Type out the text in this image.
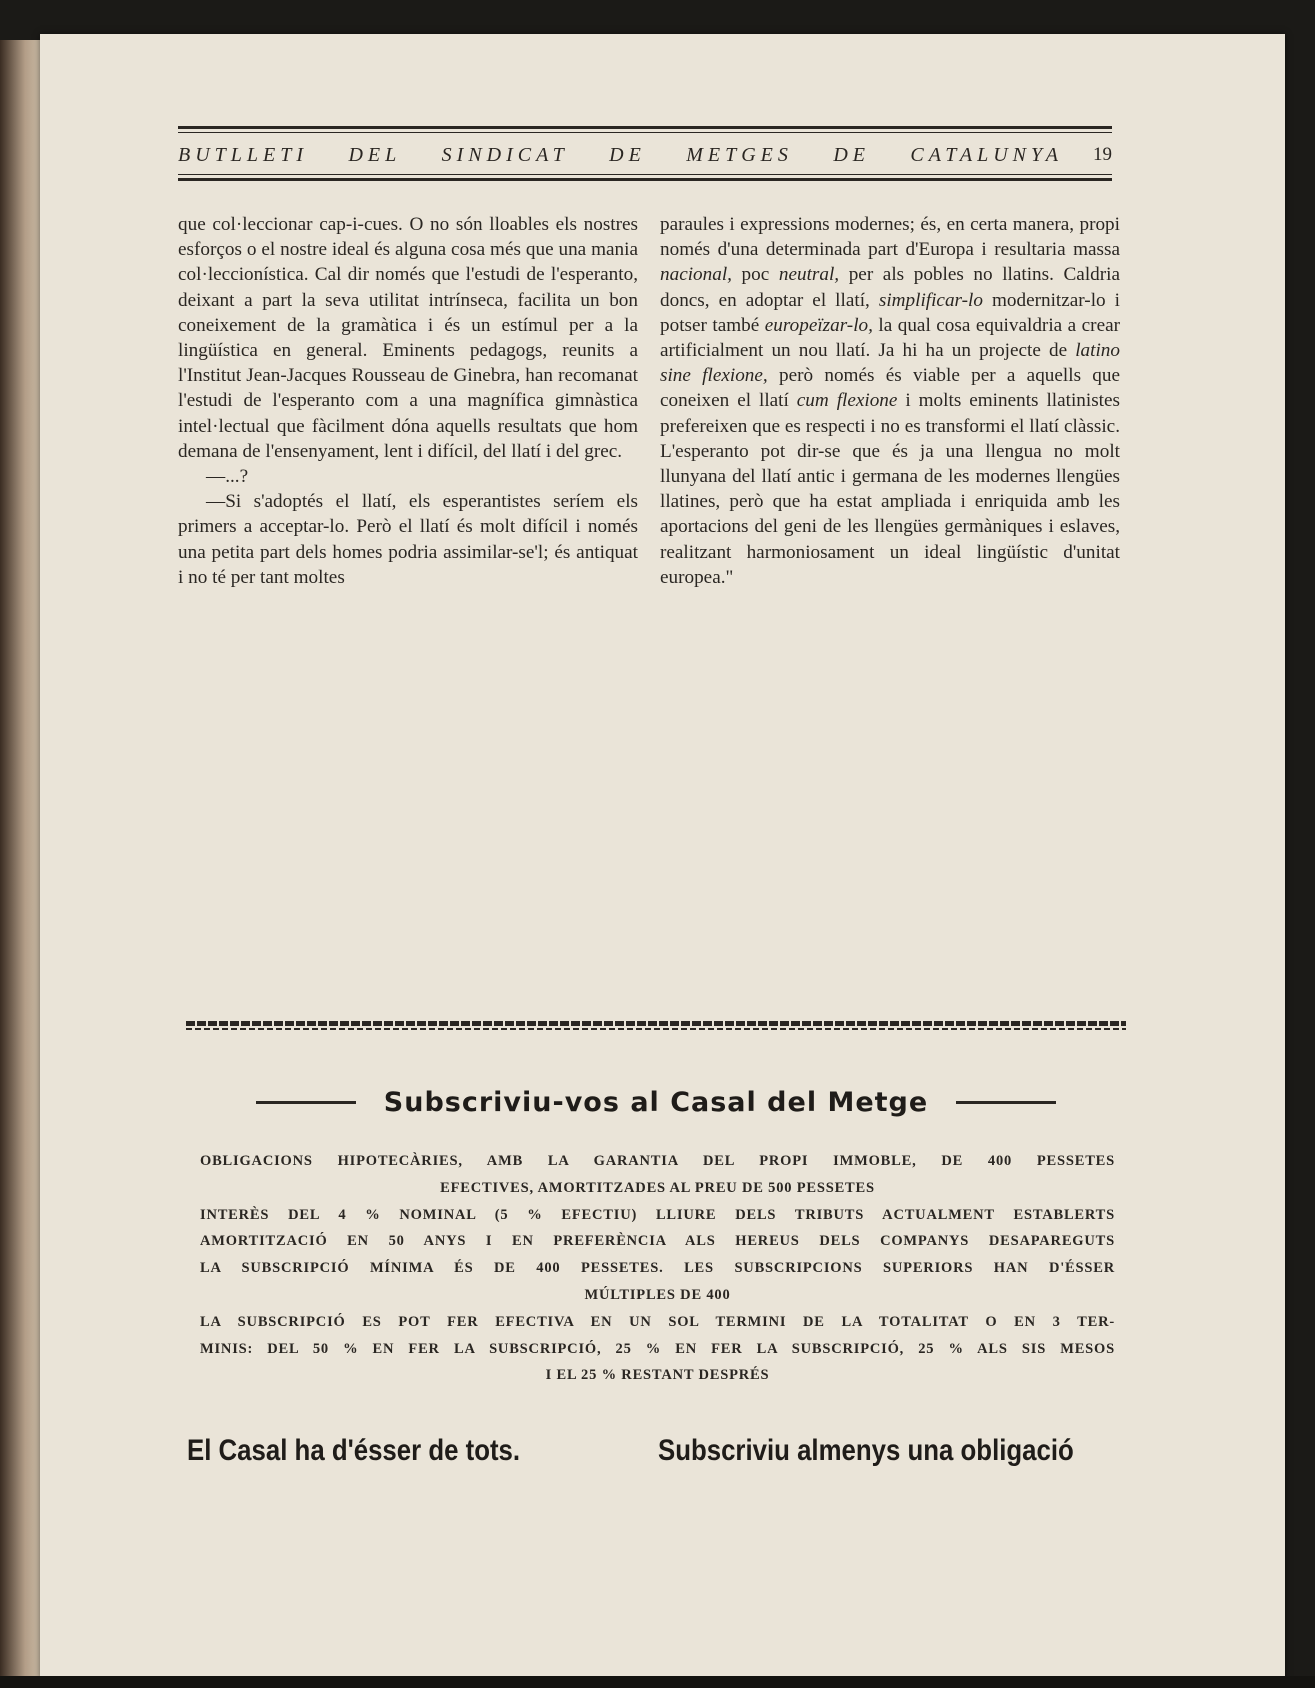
BUTLLETI DEL SINDICAT DE METGES DE CATALUNYA 19

que col·leccionar cap-i-cues. O no són lloables els nostres esforços o el nostre ideal és alguna cosa més que una mania col·leccionística. Cal dir només que l'estudi de l'esperanto, deixant a part la seva utilitat intrínseca, facilita un bon coneixement de la gramàtica i és un estímul per a la lingüística en general. Eminents pedagogs, reunits a l'Institut Jean-Jacques Rousseau de Ginebra, han recomanat l'estudi de l'esperanto com a una magnífica gimnàstica intel·lectual que fàcilment dóna aquells resultats que hom demana de l'ensenyament, lent i difícil, del llatí i del grec.

—...?

—Si s'adoptés el llatí, els esperantistes seríem els primers a acceptar-lo. Però el llatí és molt difícil i només una petita part dels homes podria assimilar-se'l; és antiquat i no té per tant moltes

paraules i expressions modernes; és, en certa manera, propi només d'una determinada part d'Europa i resultaria massa nacional, poc neutral, per als pobles no llatins. Caldria doncs, en adoptar el llatí, simplificar-lo modernitzar-lo i potser també europeïzar-lo, la qual cosa equivaldria a crear artificialment un nou llatí. Ja hi ha un projecte de latino sine flexione, però només és viable per a aquells que coneixen el llatí cum flexione i molts eminents llatinistes prefereixen que es respecti i no es transformi el llatí clàssic. L'esperanto pot dir-se que és ja una llengua no molt llunyana del llatí antic i germana de les modernes llengües llatines, però que ha estat ampliada i enriquida amb les aportacions del geni de les llengües germàniques i eslaves, realitzant harmoniosament un ideal lingüístic d'unitat europea."

Subscriviu-vos al Casal del Metge
OBLIGACIONS HIPOTECÀRIES, AMB LA GARANTIA DEL PROPI IMMOBLE, DE 400 PESSETES
EFECTIVES, AMORTITZADES AL PREU DE 500 PESSETES
INTERÈS DEL 4 % NOMINAL (5 % EFECTIU) LLIURE DELS TRIBUTS ACTUALMENT ESTABLERTS
AMORTITZACIÓ EN 50 ANYS I EN PREFERÈNCIA ALS HEREUS DELS COMPANYS DESAPAREGUTS
LA SUBSCRIPCIÓ MÍNIMA ÉS DE 400 PESSETES. LES SUBSCRIPCIONS SUPERIORS HAN D'ÉSSER
MÚLTIPLES DE 400
LA SUBSCRIPCIÓ ES POT FER EFECTIVA EN UN SOL TERMINI DE LA TOTALITAT O EN 3 TER-
MINIS: DEL 50 % EN FER LA SUBSCRIPCIÓ, 25 % EN FER LA SUBSCRIPCIÓ, 25 % ALS SIS MESOS
I EL 25 % RESTANT DESPRÉS
El Casal ha d'ésser de tots.	Subscriviu almenys una obligació
